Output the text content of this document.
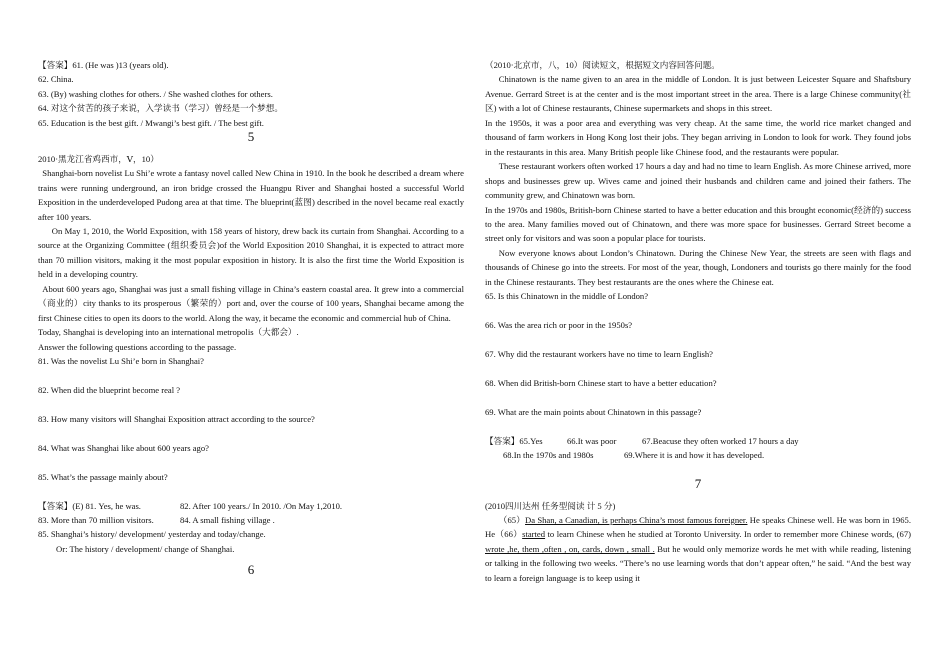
【答案】61. (He was )13 (years old).

62. China.

63. (By) washing clothes for others. / She washed clothes for others.

64. 对这个贫苦的孩子来说，入学读书（学习）曾经是一个梦想。

65. Education is the best gift. / Mwangi’s best gift. / The best gift.

5

2010·黑龙江省鸡西市，Ⅴ，10）

Shanghai-born novelist Lu Shi’e wrote a fantasy novel called New China in 1910. In the book he described a dream where trains were running underground, an iron bridge crossed the Huangpu River and Shanghai hosted a successful World Exposition in the underdeveloped Pudong area at that time. The blueprint(蓝图) described in the novel became real exactly after 100 years.

On May 1, 2010, the World Exposition, with 158 years of history, drew back its curtain from Shanghai. According to a source at the Organizing Committee (组织委员会)of the World Exposition 2010 Shanghai, it is expected to attract more than 70 million visitors, making it the most popular exposition in history. It is also the first time the World Exposition is held in a developing country.

About 600 years ago, Shanghai was just a small fishing village in China’s eastern coastal area. It grew into a commercial（商业的）city thanks to its prosperous（繁荣的）port and, over the course of 100 years, Shanghai became among the first Chinese cities to open its doors to the world. Along the way, it became the economic and commercial hub of China.

Today, Shanghai is developing into an international metropolis（大都会）.

Answer the following questions according to the passage.

81. Was the novelist Lu Shi’e born in Shanghai?

82. When did the blueprint become real ?

83. How many visitors will Shanghai Exposition attract according to the source?

84. What was Shanghai like about 600 years ago?

85. What’s the passage mainly about?

【答案】(E) 81. Yes, he was.	82. After 100 years./ In 2010. /On May 1,2010.

83. More than 70 million visitors.	84. A small fishing village .

85. Shanghai’s history/ development/ yesterday and today/change.

Or: The history / development/ change of Shanghai.

6

（2010·北京市，八，10）阅读短文，根据短文内容回答问题。

Chinatown is the name given to an area in the middle of London. It is just between Leicester Square and Shaftsbury Avenue. Gerrard Street is at the center and is the most important street in the area. There is a large Chinese community(社区) with a lot of Chinese restaurants, Chinese supermarkets and shops in this street.

In the 1950s, it was a poor area and everything was very cheap. At the same time, the world rice market changed and thousand of farm workers in Hong Kong lost their jobs. They began arriving in London to look for work. They found jobs in the restaurants in this area. Many British people like Chinese food, and the restaurants were popular.

These restaurant workers often worked 17 hours a day and had no time to learn English. As more Chinese arrived, more shops and businesses grew up. Wives came and joined their husbands and children came and joined their fathers. The community grew, and Chinatown was born.

In the 1970s and 1980s, British-born Chinese started to have a better education and this brought economic(经济的) success to the area. Many families moved out of Chinatown, and there was more space for businesses. Gerrard Street become a street only for visitors and was soon a popular place for tourists.

Now everyone knows about London’s Chinatown. During the Chinese New Year, the streets are seen with flags and thousands of Chinese go into the streets. For most of the year, though, Londoners and tourists go there mainly for the food in the Chinese restaurants. They best restaurants are the ones where the Chinese eat.

65. Is this Chinatown in the middle of London?

66. Was the area rich or poor in the 1950s?

67. Why did the restaurant workers have no time to learn English?

68. When did British-born Chinese start to have a better education?

69. What are the main points about Chinatown in this passage?

【答案】65.Yes	66.It was poor	67.Beacuse they often worked 17 hours a day

68.In the 1970s and 1980s	69.Where it is and how it has developed.

7

(2010四川达州 任务型阅读 计 5 分)

（65）Da Shan, a Canadian, is perhaps China’s most famous foreigner. He speaks Chinese well. He was born in 1965. He（66）started to learn Chinese when he studied at Toronto University. In order to remember more Chinese words, (67) wrote ,he, them ,often , on, cards, down , small . But he would only memorize words he met with while reading, listening or talking in the following two weeks. “There’s no use learning words that don’t appear often,” he said. “And the best way to learn a foreign language is to keep using it
